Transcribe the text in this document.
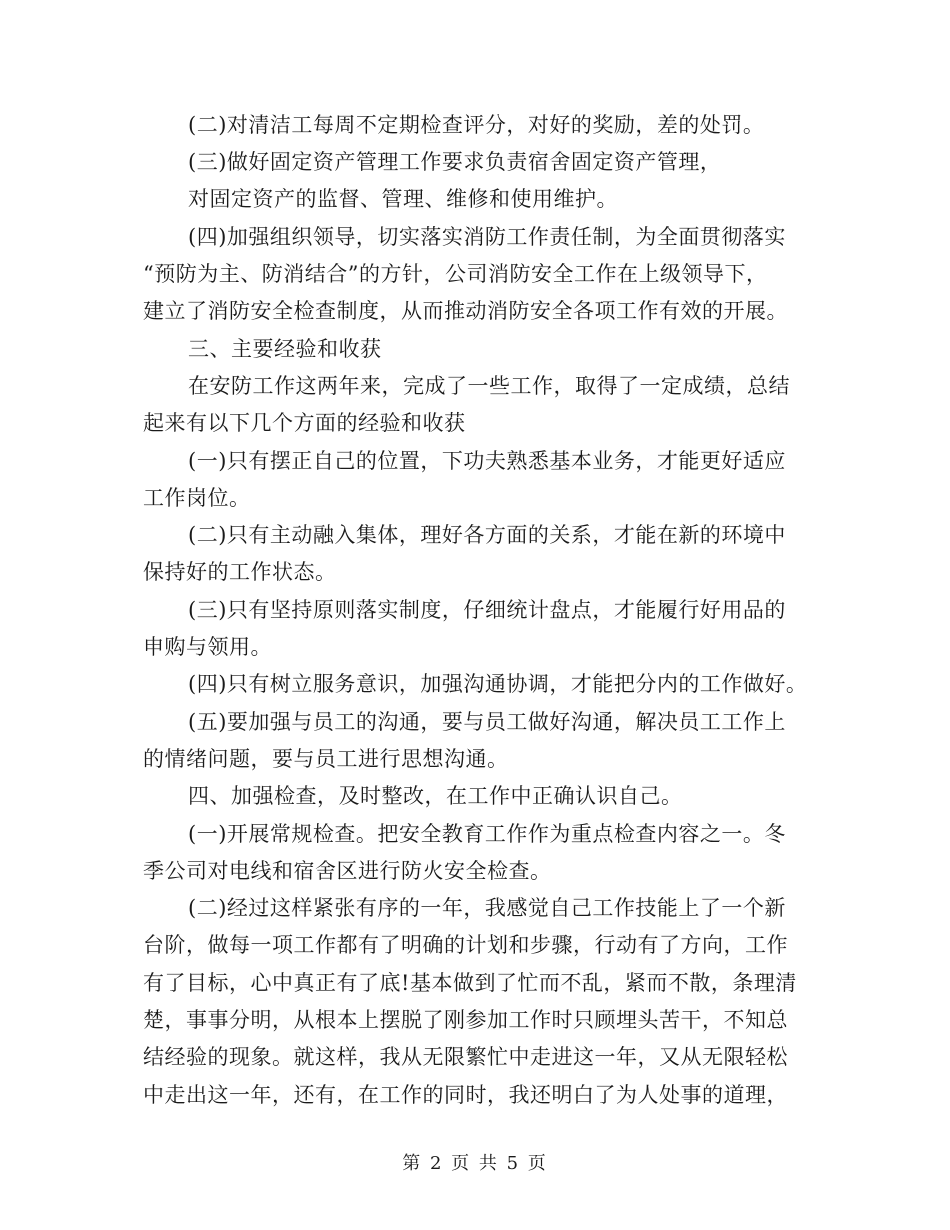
(二)对清洁工每周不定期检查评分，对好的奖励，差的处罚。
(三)做好固定资产管理工作要求负责宿舍固定资产管理，
对固定资产的监督、管理、维修和使用维护。
(四)加强组织领导，切实落实消防工作责任制，为全面贯彻落实
“预防为主、防消结合”的方针，公司消防安全工作在上级领导下，
建立了消防安全检查制度，从而推动消防安全各项工作有效的开展。
三、主要经验和收获
在安防工作这两年来，完成了一些工作，取得了一定成绩，总结
起来有以下几个方面的经验和收获
(一)只有摆正自己的位置，下功夫熟悉基本业务，才能更好适应
工作岗位。
(二)只有主动融入集体，理好各方面的关系，才能在新的环境中
保持好的工作状态。
(三)只有坚持原则落实制度，仔细统计盘点，才能履行好用品的
申购与领用。
(四)只有树立服务意识，加强沟通协调，才能把分内的工作做好。
(五)要加强与员工的沟通，要与员工做好沟通，解决员工工作上
的情绪问题，要与员工进行思想沟通。
四、加强检查，及时整改，在工作中正确认识自己。
(一)开展常规检查。把安全教育工作作为重点检查内容之一。冬
季公司对电线和宿舍区进行防火安全检查。
(二)经过这样紧张有序的一年，我感觉自己工作技能上了一个新
台阶，做每一项工作都有了明确的计划和步骤，行动有了方向，工作
有了目标，心中真正有了底!基本做到了忙而不乱，紧而不散，条理清
楚，事事分明，从根本上摆脱了刚参加工作时只顾埋头苦干，不知总
结经验的现象。就这样，我从无限繁忙中走进这一年，又从无限轻松
中走出这一年，还有，在工作的同时，我还明白了为人处事的道理，
第 2 页 共 5 页
